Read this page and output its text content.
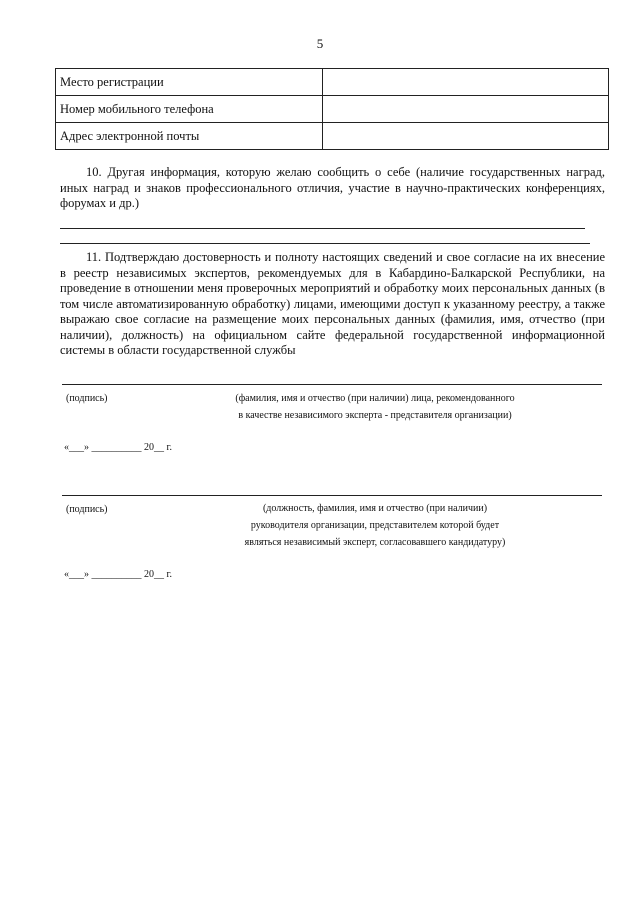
5
Место регистрации	
Номер мобильного телефона	
Адрес электронной почты	
10. Другая информация, которую желаю сообщить о себе (наличие государственных наград, иных наград и знаков профессионального отличия, участие в научно-практических конференциях, форумах и др.)
11. Подтверждаю достоверность и полноту настоящих сведений и свое согласие на их внесение в реестр независимых экспертов, рекомендуемых для в Кабардино-Балкарской Республики, на проведение в отношении меня проверочных мероприятий и обработку моих персональных данных (в том числе автоматизированную обработку) лицами, имеющими доступ к указанному реестру, а также выражаю свое согласие на размещение моих персональных данных (фамилия, имя, отчество (при наличии), должность) на официальном сайте федеральной государственной информационной системы в области государственной службы
(подпись)	(фамилия, имя и отчество (при наличии) лица, рекомендованного
в качестве независимого эксперта - представителя организации)
«___» __________ 20__ г.
(подпись)	(должность, фамилия, имя и отчество (при наличии)
руководителя организации, представителем которой будет
являться независимый эксперт, согласовавшего кандидатуру)
«___» __________ 20__ г.
